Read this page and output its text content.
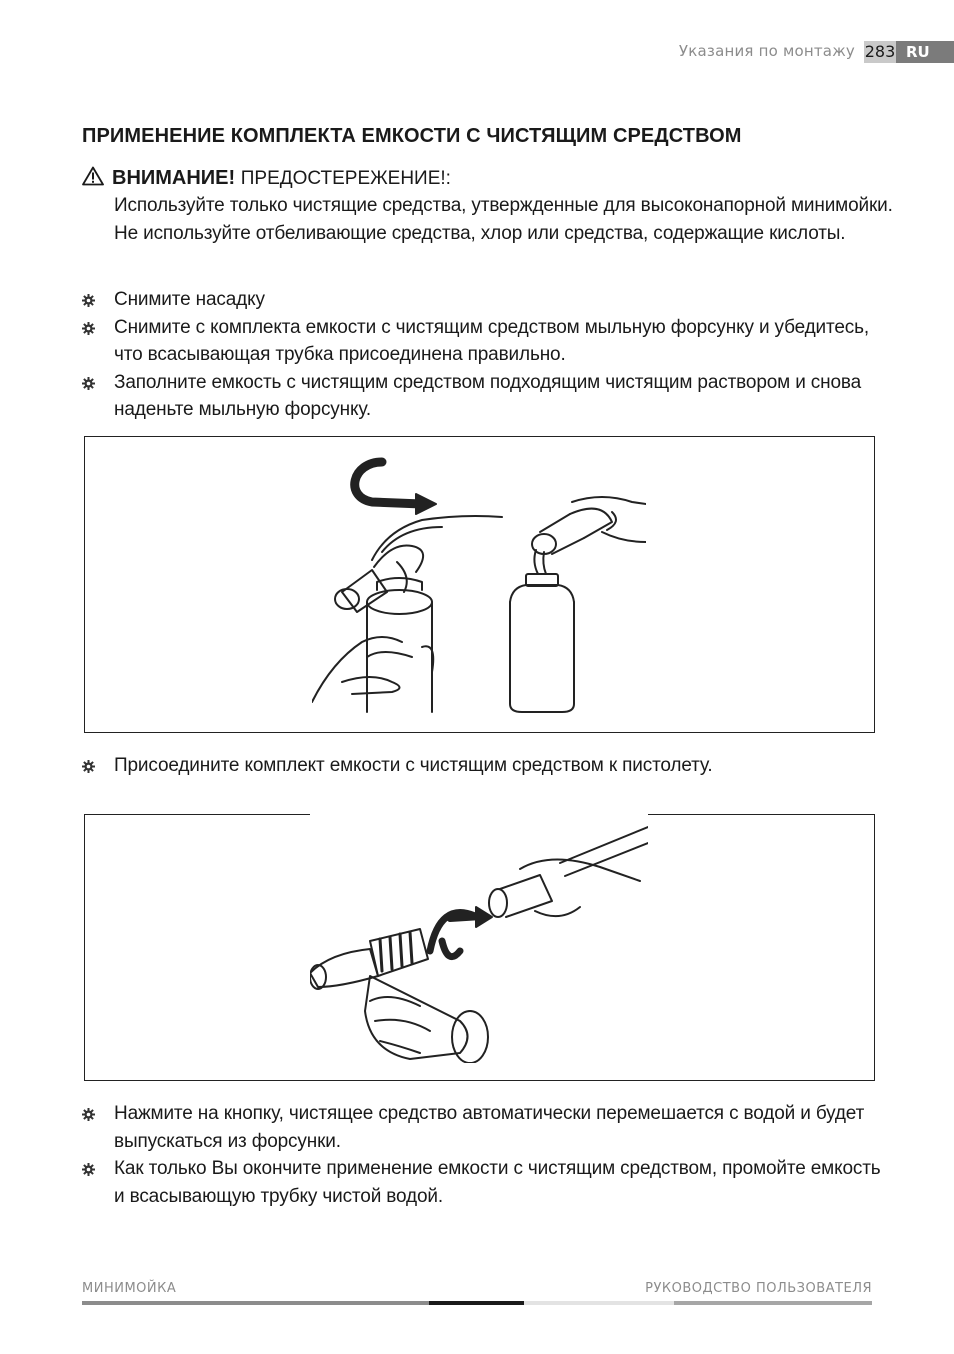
Указания по монтажу 283 RU
ПРИМЕНЕНИЕ КОМПЛЕКТА ЕМКОСТИ С ЧИСТЯЩИМ СРЕДСТВОМ
ВНИМАНИЕ! ПРЕДОСТЕРЕЖЕНИЕ!:
Используйте только чистящие средства, утвержденные для высоконапорной минимойки. Не используйте отбеливающие средства, хлор или средства, содержащие кислоты.
Снимите насадку
Снимите с комплекта емкости с чистящим средством мыльную форсунку и убедитесь, что всасывающая трубка присоединена правильно.
Заполните емкость с чистящим средством подходящим чистящим раствором и снова наденьте мыльную форсунку.
Присоедините комплект емкости с чистящим средством к пистолету.
Нажмите на кнопку, чистящее средство автоматически перемешается с водой и будет выпускаться из форсунки.
Как только Вы окончите применение емкости с чистящим средством, промойте емкость и всасывающую трубку чистой водой.
МИНИМОЙКА	РУКОВОДСТВО ПОЛЬЗОВАТЕЛЯ
